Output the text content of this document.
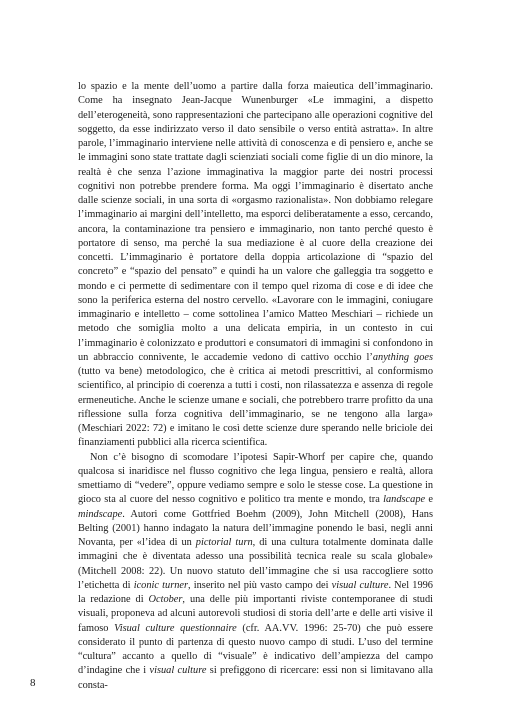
lo spazio e la mente dell’uomo a partire dalla forza maieutica dell’immaginario. Come ha insegnato Jean-Jacque Wunenburger «Le immagini, a dispetto dell’eterogeneità, sono rappresentazioni che partecipano alle operazioni cognitive del soggetto, da esse indirizzato verso il dato sensibile o verso entità astratta». In altre parole, l’immaginario interviene nelle attività di conoscenza e di pensiero e, anche se le immagini sono state trattate dagli scienziati sociali come figlie di un dio minore, la realtà è che senza l’azione immaginativa la maggior parte dei nostri processi cognitivi non potrebbe prendere forma. Ma oggi l’immaginario è disertato anche dalle scienze sociali, in una sorta di «orgasmo razionalista». Non dobbiamo relegare l’immaginario ai margini dell’intelletto, ma esporci deliberatamente a esso, cercando, ancora, la contaminazione tra pensiero e immaginario, non tanto perché questo è portatore di senso, ma perché la sua mediazione è al cuore della creazione dei concetti. L’immaginario è portatore della doppia articolazione di “spazio del concreto” e “spazio del pensato” e quindi ha un valore che galleggia tra soggetto e mondo e ci permette di sedimentare con il tempo quel rizoma di cose e di idee che sono la periferica esterna del nostro cervello. «Lavorare con le immagini, coniugare immaginario e intelletto – come sottolinea l’amico Matteo Meschiari – richiede un metodo che somiglia molto a una delicata empiria, in un contesto in cui l’immaginario è colonizzato e produttori e consumatori di immagini si confondono in un abbraccio connivente, le accademie vedono di cattivo occhio l’anything goes (tutto va bene) metodologico, che è critica ai metodi prescrittivi, al conformismo scientifico, al principio di coerenza a tutti i costi, non rilassatezza e assenza di regole ermeneutiche. Anche le scienze umane e sociali, che potrebbero trarre profitto da una riflessione sulla forza cognitiva dell’immaginario, se ne tengono alla larga» (Meschiari 2022: 72) e imitano le così dette scienze dure sperando nelle briciole dei finanziamenti pubblici alla ricerca scientifica.

Non c’è bisogno di scomodare l’ipotesi Sapir-Whorf per capire che, quando qualcosa si inaridisce nel flusso cognitivo che lega lingua, pensiero e realtà, allora smettiamo di “vedere”, oppure vediamo sempre e solo le stesse cose. La questione in gioco sta al cuore del nesso cognitivo e politico tra mente e mondo, tra landscape e mindscape. Autori come Gottfried Boehm (2009), John Mitchell (2008), Hans Belting (2001) hanno indagato la natura dell’immagine ponendo le basi, negli anni Novanta, per «l’idea di un pictorial turn, di una cultura totalmente dominata dalle immagini che è diventata adesso una possibilità tecnica reale su scala globale» (Mitchell 2008: 22). Un nuovo statuto dell’immagine che si usa raccogliere sotto l’etichetta di iconic turner, inserito nel più vasto campo dei visual culture. Nel 1996 la redazione di October, una delle più importanti riviste contemporanee di studi visuali, proponeva ad alcuni autorevoli studiosi di storia dell’arte e delle arti visive il famoso Visual culture questionnaire (cfr. AA.VV. 1996: 25-70) che può essere considerato il punto di partenza di questo nuovo campo di studi. L’uso del termine “cultura” accanto a quello di “visuale” è indicativo dell’ampiezza del campo d’indagine che i visual culture si prefiggono di ricercare: essi non si limitavano alla consta-

8
